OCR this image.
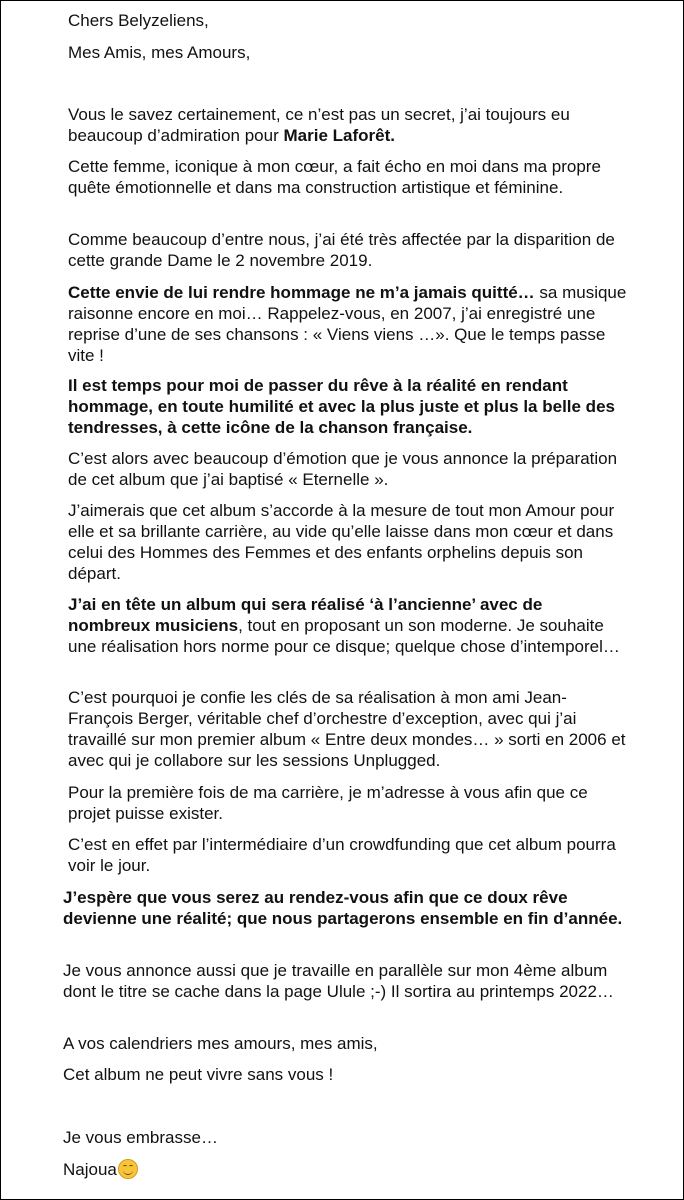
Chers Belyzeliens,

Mes Amis, mes Amours,

Vous le savez certainement, ce n’est pas un secret, j’ai toujours eu beaucoup d’admiration pour Marie Laforêt.

Cette femme, iconique à mon cœur, a fait écho en moi dans ma propre quête émotionnelle et dans ma construction artistique et féminine.

Comme beaucoup d’entre nous, j’ai été très affectée par la disparition de cette grande Dame le 2 novembre 2019.

Cette envie de lui rendre hommage ne m’a jamais quitté… sa musique raisonne encore en moi… Rappelez-vous, en 2007, j’ai enregistré une reprise d’une de ses chansons : « Viens viens …». Que le temps passe vite !

Il est temps pour moi de passer du rêve à la réalité en rendant hommage, en toute humilité et avec la plus juste et plus la belle des tendresses, à cette icône de la chanson française.

C’est alors avec beaucoup d’émotion que je vous annonce la préparation de cet album que j’ai baptisé « Eternelle ».

J’aimerais que cet album s’accorde à la mesure de tout mon Amour pour elle et sa brillante carrière, au vide qu’elle laisse dans mon cœur et dans celui des Hommes des Femmes et des enfants orphelins depuis son départ.

J’ai en tête un album qui sera réalisé ‘à l’ancienne’ avec de nombreux musiciens, tout en proposant un son moderne. Je souhaite une réalisation hors norme pour ce disque; quelque chose d’intemporel…

C’est pourquoi je confie les clés de sa réalisation à mon ami Jean-François Berger, véritable chef d’orchestre d’exception, avec qui j’ai travaillé sur mon premier album « Entre deux mondes… » sorti en 2006 et avec qui je collabore sur les sessions Unplugged.

Pour la première fois de ma carrière, je m’adresse à vous afin que ce projet puisse exister.

C’est en effet par l’intermédiaire d’un crowdfunding que cet album pourra voir le jour.

J’espère que vous serez au rendez-vous afin que ce doux rêve devienne une réalité; que nous partagerons ensemble en fin d’année.

Je vous annonce aussi que je travaille en parallèle sur mon 4ème album dont le titre se cache dans la page Ulule ;-) Il sortira au printemps 2022…

A vos calendriers mes amours, mes amis,

Cet album ne peut vivre sans vous !

Je vous embrasse…

Najoua
